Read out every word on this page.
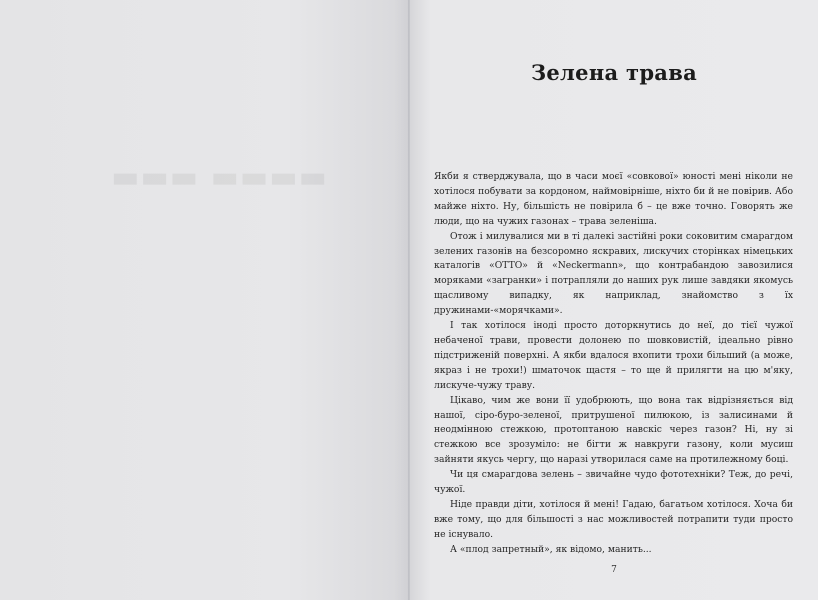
▬▬▬▬ ▬▬▬
Зелена трава

Якби я стверджувала, що в часи моєї «совкової» юності мені ніколи не хотілося побувати за кордоном, наймовірніше, ніхто би й не повірив. Або майже ніхто. Ну, більшість не повірила б – це вже точно. Говорять же люди, що на чужих газонах – трава зеленіша.

Отож і милувалися ми в ті далекі застійні роки соковитим смарагдом зелених газонів на безсоромно яскравих, лискучих сторінках німецьких каталогів «OTTO» й «Neckermann», що контрабандою завозилися моряками «загранки» і потрапляли до наших рук лише завдяки якомусь щасливому випадку, як наприклад, знайомство з їх дружинами-«морячками».

І так хотілося іноді просто доторкнутись до неї, до тієї чужої небаченої трави, провести долонею по шовковистій, ідеально рівно підстриженій поверхні. А якби вдалося вхопити трохи більший (а може, якраз і не трохи!) шматочок щастя – то ще й прилягти на цю м'яку, лискуче-чужу траву.

Цікаво, чим же вони її удобрюють, що вона так відрізняється від нашої, сіро-буро-зеленої, притрушеної пилюкою, із залисинами й неодмінною стежкою, протоптаною навскіс через газон? Ні, ну зі стежкою все зрозуміло: не бігти ж навкруги газону, коли мусиш зайняти якусь чергу, що наразі утворилася саме на протилежному боці.

Чи ця смарагдова зелень – звичайне чудо фототехніки? Теж, до речі, чужої.

Ніде правди діти, хотілося й мені! Гадаю, багатьом хотілося. Хоча би вже тому, що для більшості з нас можливостей потрапити туди просто не існувало.

А «плод запретный», як відомо, манить...

7
